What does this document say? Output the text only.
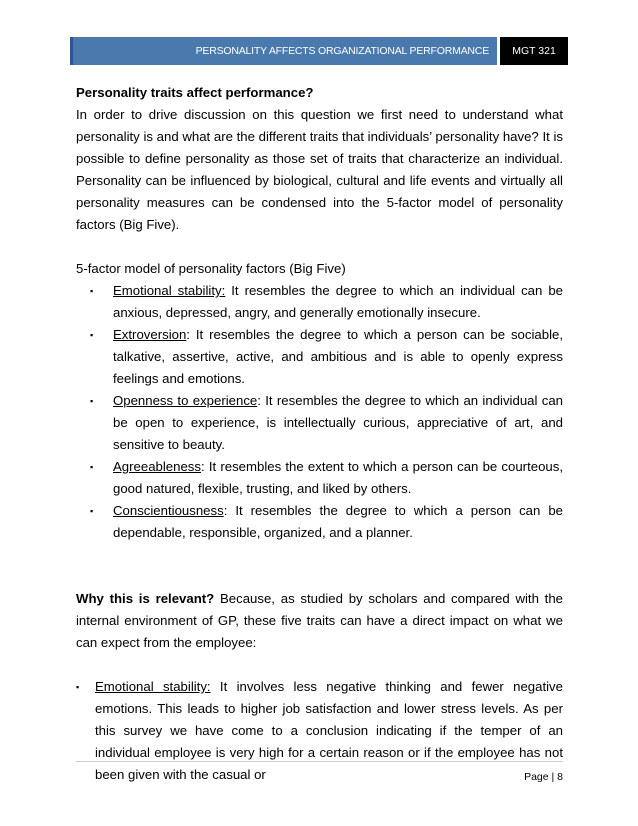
PERSONALITY AFFECTS ORGANIZATIONAL PERFORMANCE	MGT 321

Personality traits affect performance?

In order to drive discussion on this question we first need to understand what personality is and what are the different traits that individuals’ personality have? It is possible to define personality as those set of traits that characterize an individual. Personality can be influenced by biological, cultural and life events and virtually all personality measures can be condensed into the 5-factor model of personality factors (Big Five).

5-factor model of personality factors (Big Five)

▪ Emotional stability: It resembles the degree to which an individual can be anxious, depressed, angry, and generally emotionally insecure.
▪ Extroversion: It resembles the degree to which a person can be sociable, talkative, assertive, active, and ambitious and is able to openly express feelings and emotions.
▪ Openness to experience: It resembles the degree to which an individual can be open to experience, is intellectually curious, appreciative of art, and sensitive to beauty.
▪ Agreeableness: It resembles the extent to which a person can be courteous, good natured, flexible, trusting, and liked by others.
▪ Conscientiousness: It resembles the degree to which a person can be dependable, responsible, organized, and a planner.

Why this is relevant? Because, as studied by scholars and compared with the internal environment of GP, these five traits can have a direct impact on what we can expect from the employee:

▪ Emotional stability: It involves less negative thinking and fewer negative emotions. This leads to higher job satisfaction and lower stress levels. As per this survey we have come to a conclusion indicating if the temper of an individual employee is very high for a certain reason or if the employee has not been given with the casual or	Page | 8
